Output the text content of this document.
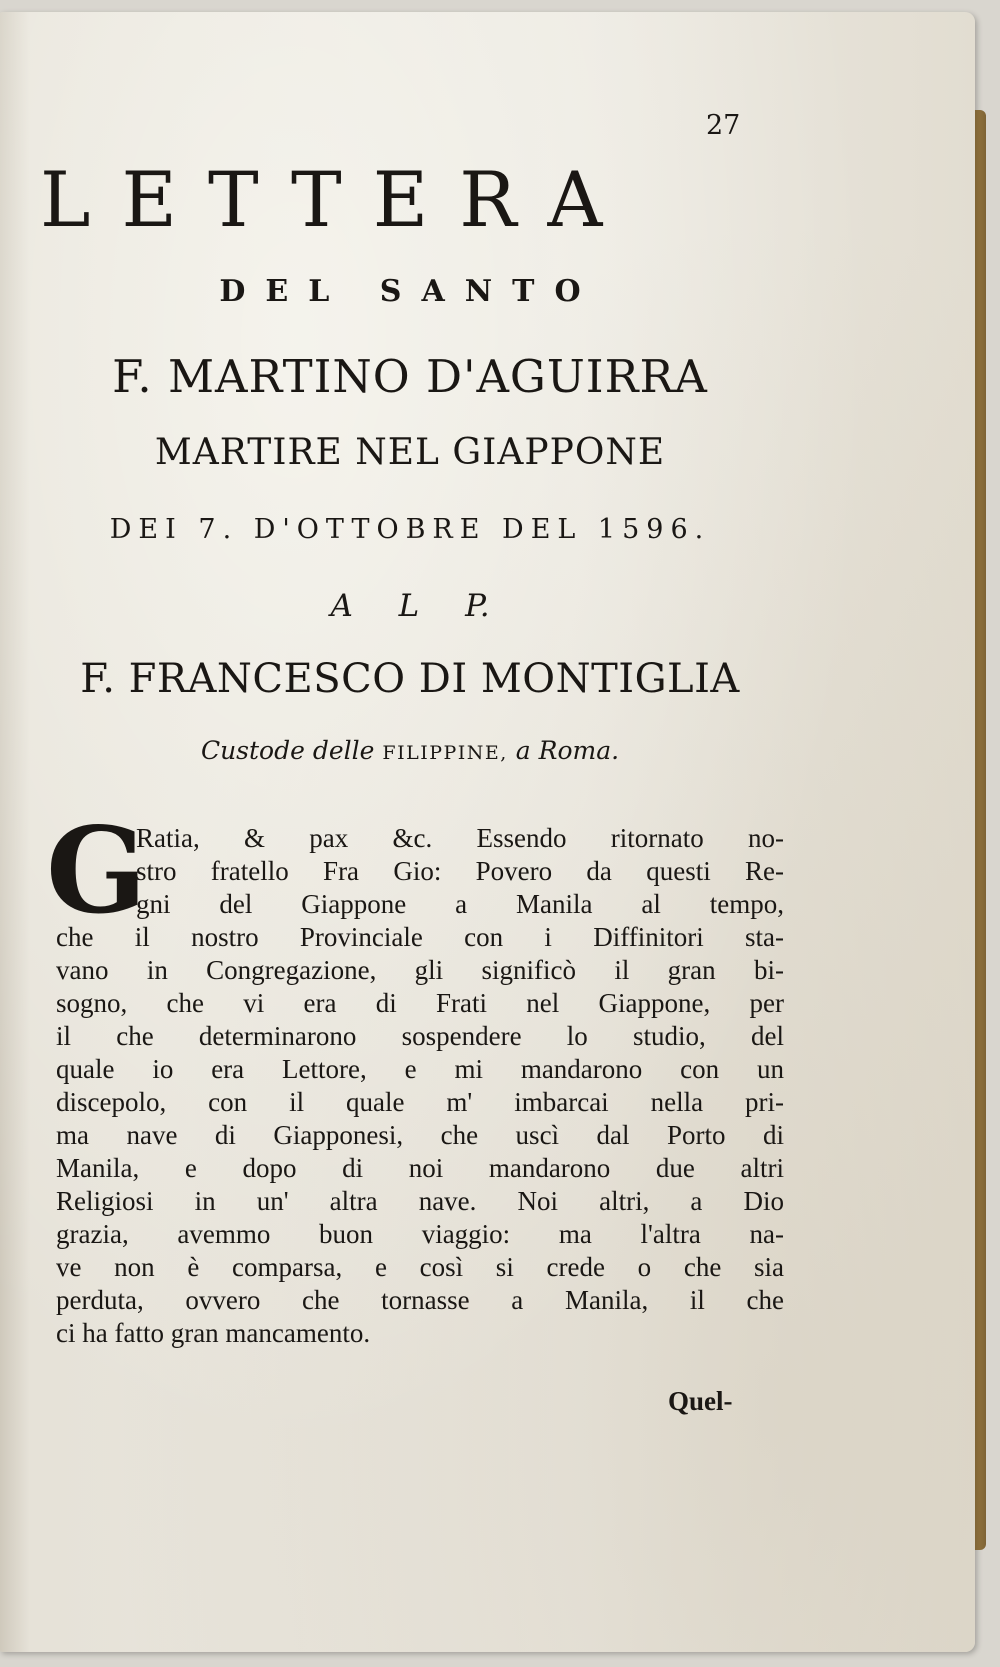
27
LETTERA
DEL SANTO
F. MARTINO D'AGUIRRA
MARTIRE NEL GIAPPONE
DEI 7. D'OTTOBRE DEL 1596.
A L P.
F. FRANCESCO DI MONTIGLIA
Custode delle FILIPPINE, a Roma.
G
Ratia, & pax &c. Essendo ritornato no-
stro fratello Fra Gio: Povero da questi Re-
gni del Giappone a Manila al tempo,
che il nostro Provinciale con i Diffinitori sta-
vano in Congregazione, gli significò il gran bi-
sogno, che vi era di Frati nel Giappone, per
il che determinarono sospendere lo studio, del
quale io era Lettore, e mi mandarono con un
discepolo, con il quale m' imbarcai nella pri-
ma nave di Giapponesi, che uscì dal Porto di
Manila, e dopo di noi mandarono due altri
Religiosi in un' altra nave. Noi altri, a Dio
grazia, avemmo buon viaggio: ma l'altra na-
ve non è comparsa, e così si crede o che sia
perduta, ovvero che tornasse a Manila, il che
ci ha fatto gran mancamento.
Quel-
